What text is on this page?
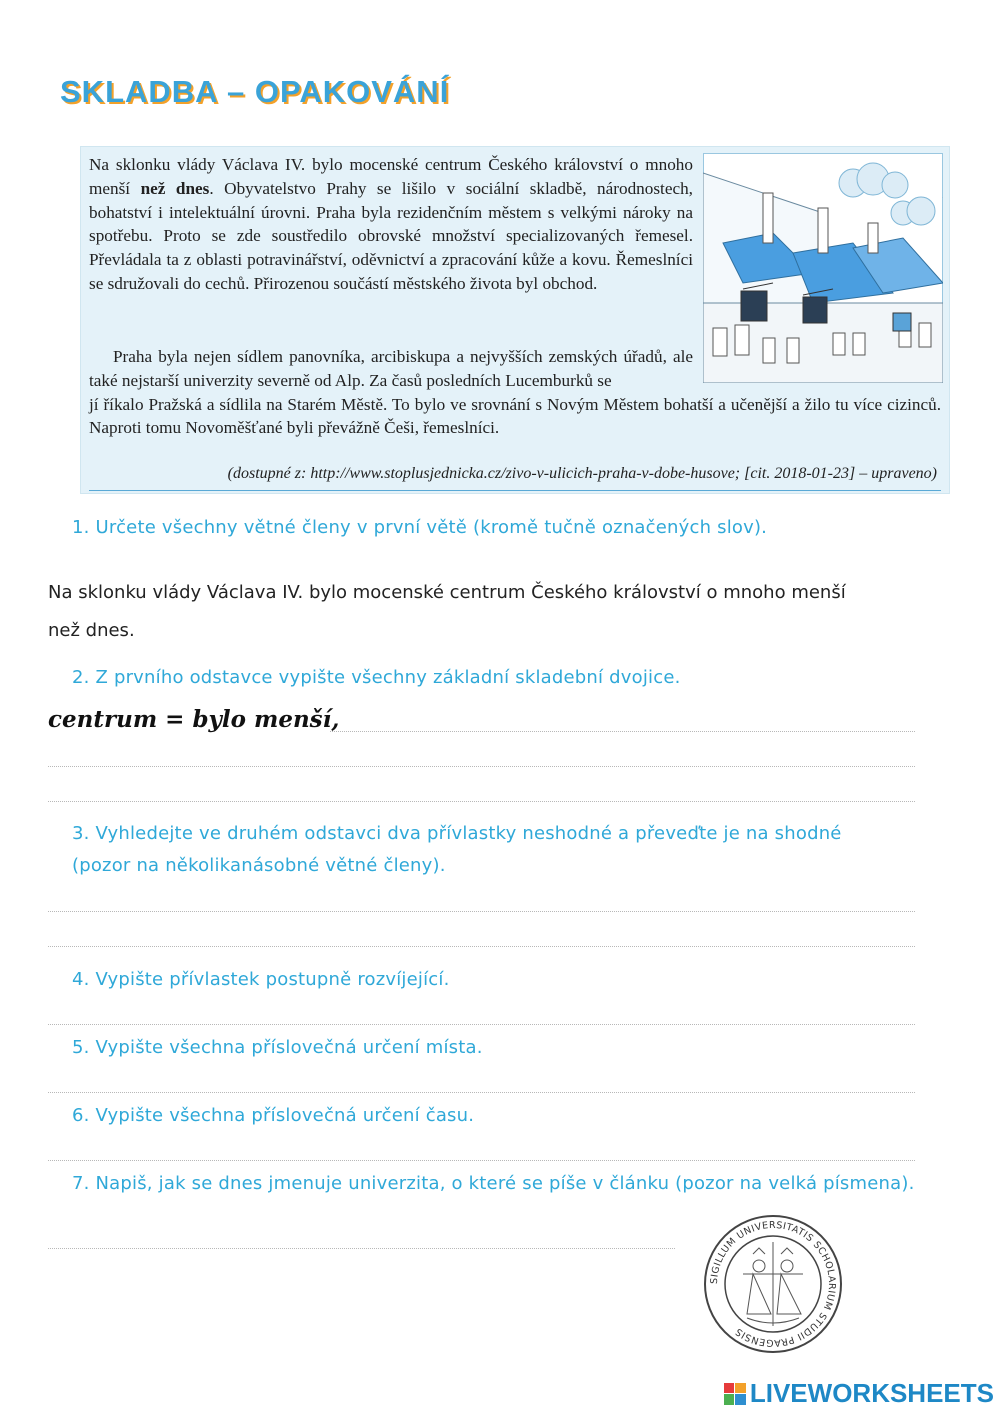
SKLADBA – OPAKOVÁNÍ

Na sklonku vlády Václava IV. bylo mocenské centrum Českého království o mnoho menší než dnes. Obyvatelstvo Prahy se lišilo v sociální skladbě, národnostech, bohatství i intelektuální úrovni. Praha byla rezidenčním městem s velkými nároky na spotřebu. Proto se zde soustředilo obrovské množství specializovaných řemesel. Převládala ta z oblasti potravinářství, oděvnictví a zpracování kůže a kovu. Řemeslníci se sdružovali do cechů. Přirozenou součástí městského života byl obchod.

Praha byla nejen sídlem panovníka, arcibiskupa a nejvyšších zemských úřadů, ale také nejstarší univerzity severně od Alp. Za časů posledních Lucemburků se
jí říkalo Pražská a sídlila na Starém Městě. To bylo ve srovnání s Novým Městem bohatší a učenější a žilo tu více cizinců. Naproti tomu Novoměšťané byli převážně Češi, řemeslníci.

(dostupné z: http://www.stoplusjednicka.cz/zivo-v-ulicich-praha-v-dobe-husove; [cit. 2018-01-23] – upraveno)
1. Určete všechny větné členy v první větě (kromě tučně označených slov).
Na sklonku vlády Václava IV. bylo mocenské centrum Českého království o mnoho menší
než dnes.
2. Z prvního odstavce vypište všechny základní skladební dvojice.
centrum = bylo menší,
3. Vyhledejte ve druhém odstavci dva přívlastky neshodné a převeďte je na shodné
(pozor na několikanásobné větné členy).
4. Vypište přívlastek postupně rozvíjející.
5. Vypište všechna příslovečná určení místa.
6. Vypište všechna příslovečná určení času.
7. Napiš, jak se dnes jmenuje univerzita, o které se píše v článku (pozor na velká písmena).
SIGILLUM UNIVERSITATIS SCHOLARIUM STUDII PRAGENSIS
LIVEWORKSHEETS
